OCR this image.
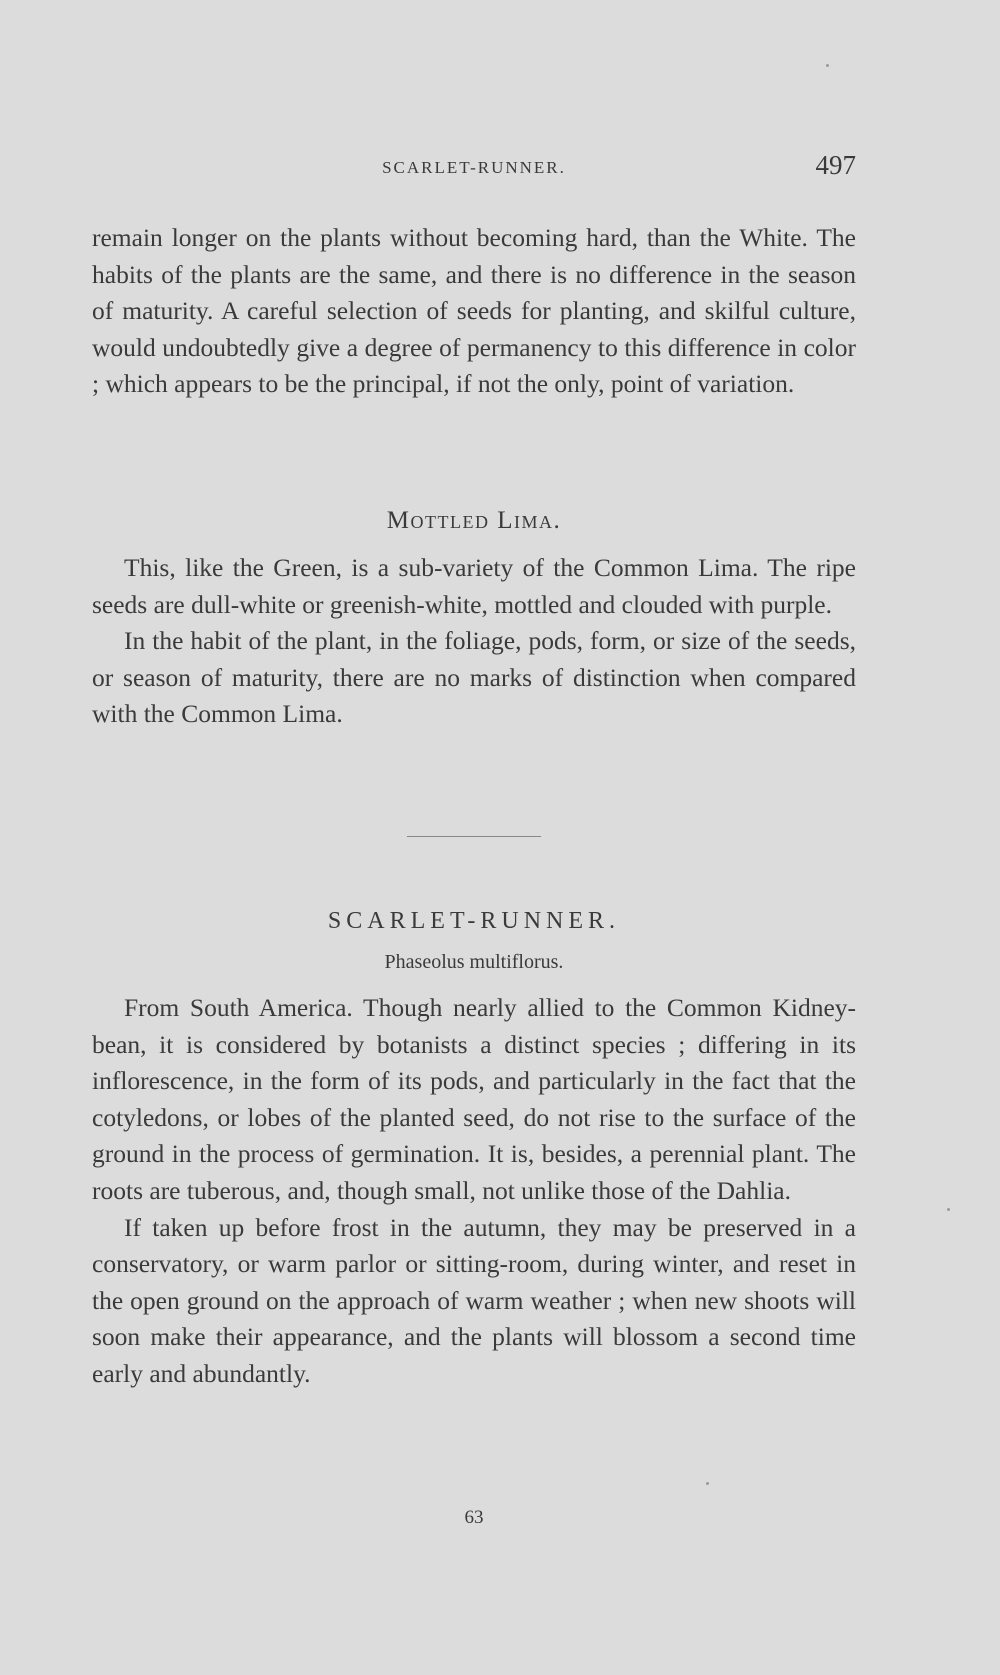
SCARLET-RUNNER.	497

remain longer on the plants without becoming hard, than the White. The habits of the plants are the same, and there is no difference in the season of maturity. A careful selection of seeds for planting, and skilful culture, would undoubtedly give a degree of permanency to this difference in color ; which appears to be the principal, if not the only, point of variation.

Mottled Lima.

This, like the Green, is a sub-variety of the Common Lima. The ripe seeds are dull-white or greenish-white, mottled and clouded with purple.

In the habit of the plant, in the foliage, pods, form, or size of the seeds, or season of maturity, there are no marks of distinction when compared with the Common Lima.

SCARLET-RUNNER.
Phaseolus multiflorus.

From South America. Though nearly allied to the Common Kidney-bean, it is considered by botanists a distinct species ; differing in its inflorescence, in the form of its pods, and particularly in the fact that the cotyledons, or lobes of the planted seed, do not rise to the surface of the ground in the process of germination. It is, besides, a perennial plant. The roots are tuberous, and, though small, not unlike those of the Dahlia.

If taken up before frost in the autumn, they may be preserved in a conservatory, or warm parlor or sitting-room, during winter, and reset in the open ground on the approach of warm weather ; when new shoots will soon make their appearance, and the plants will blossom a second time early and abundantly.

63
